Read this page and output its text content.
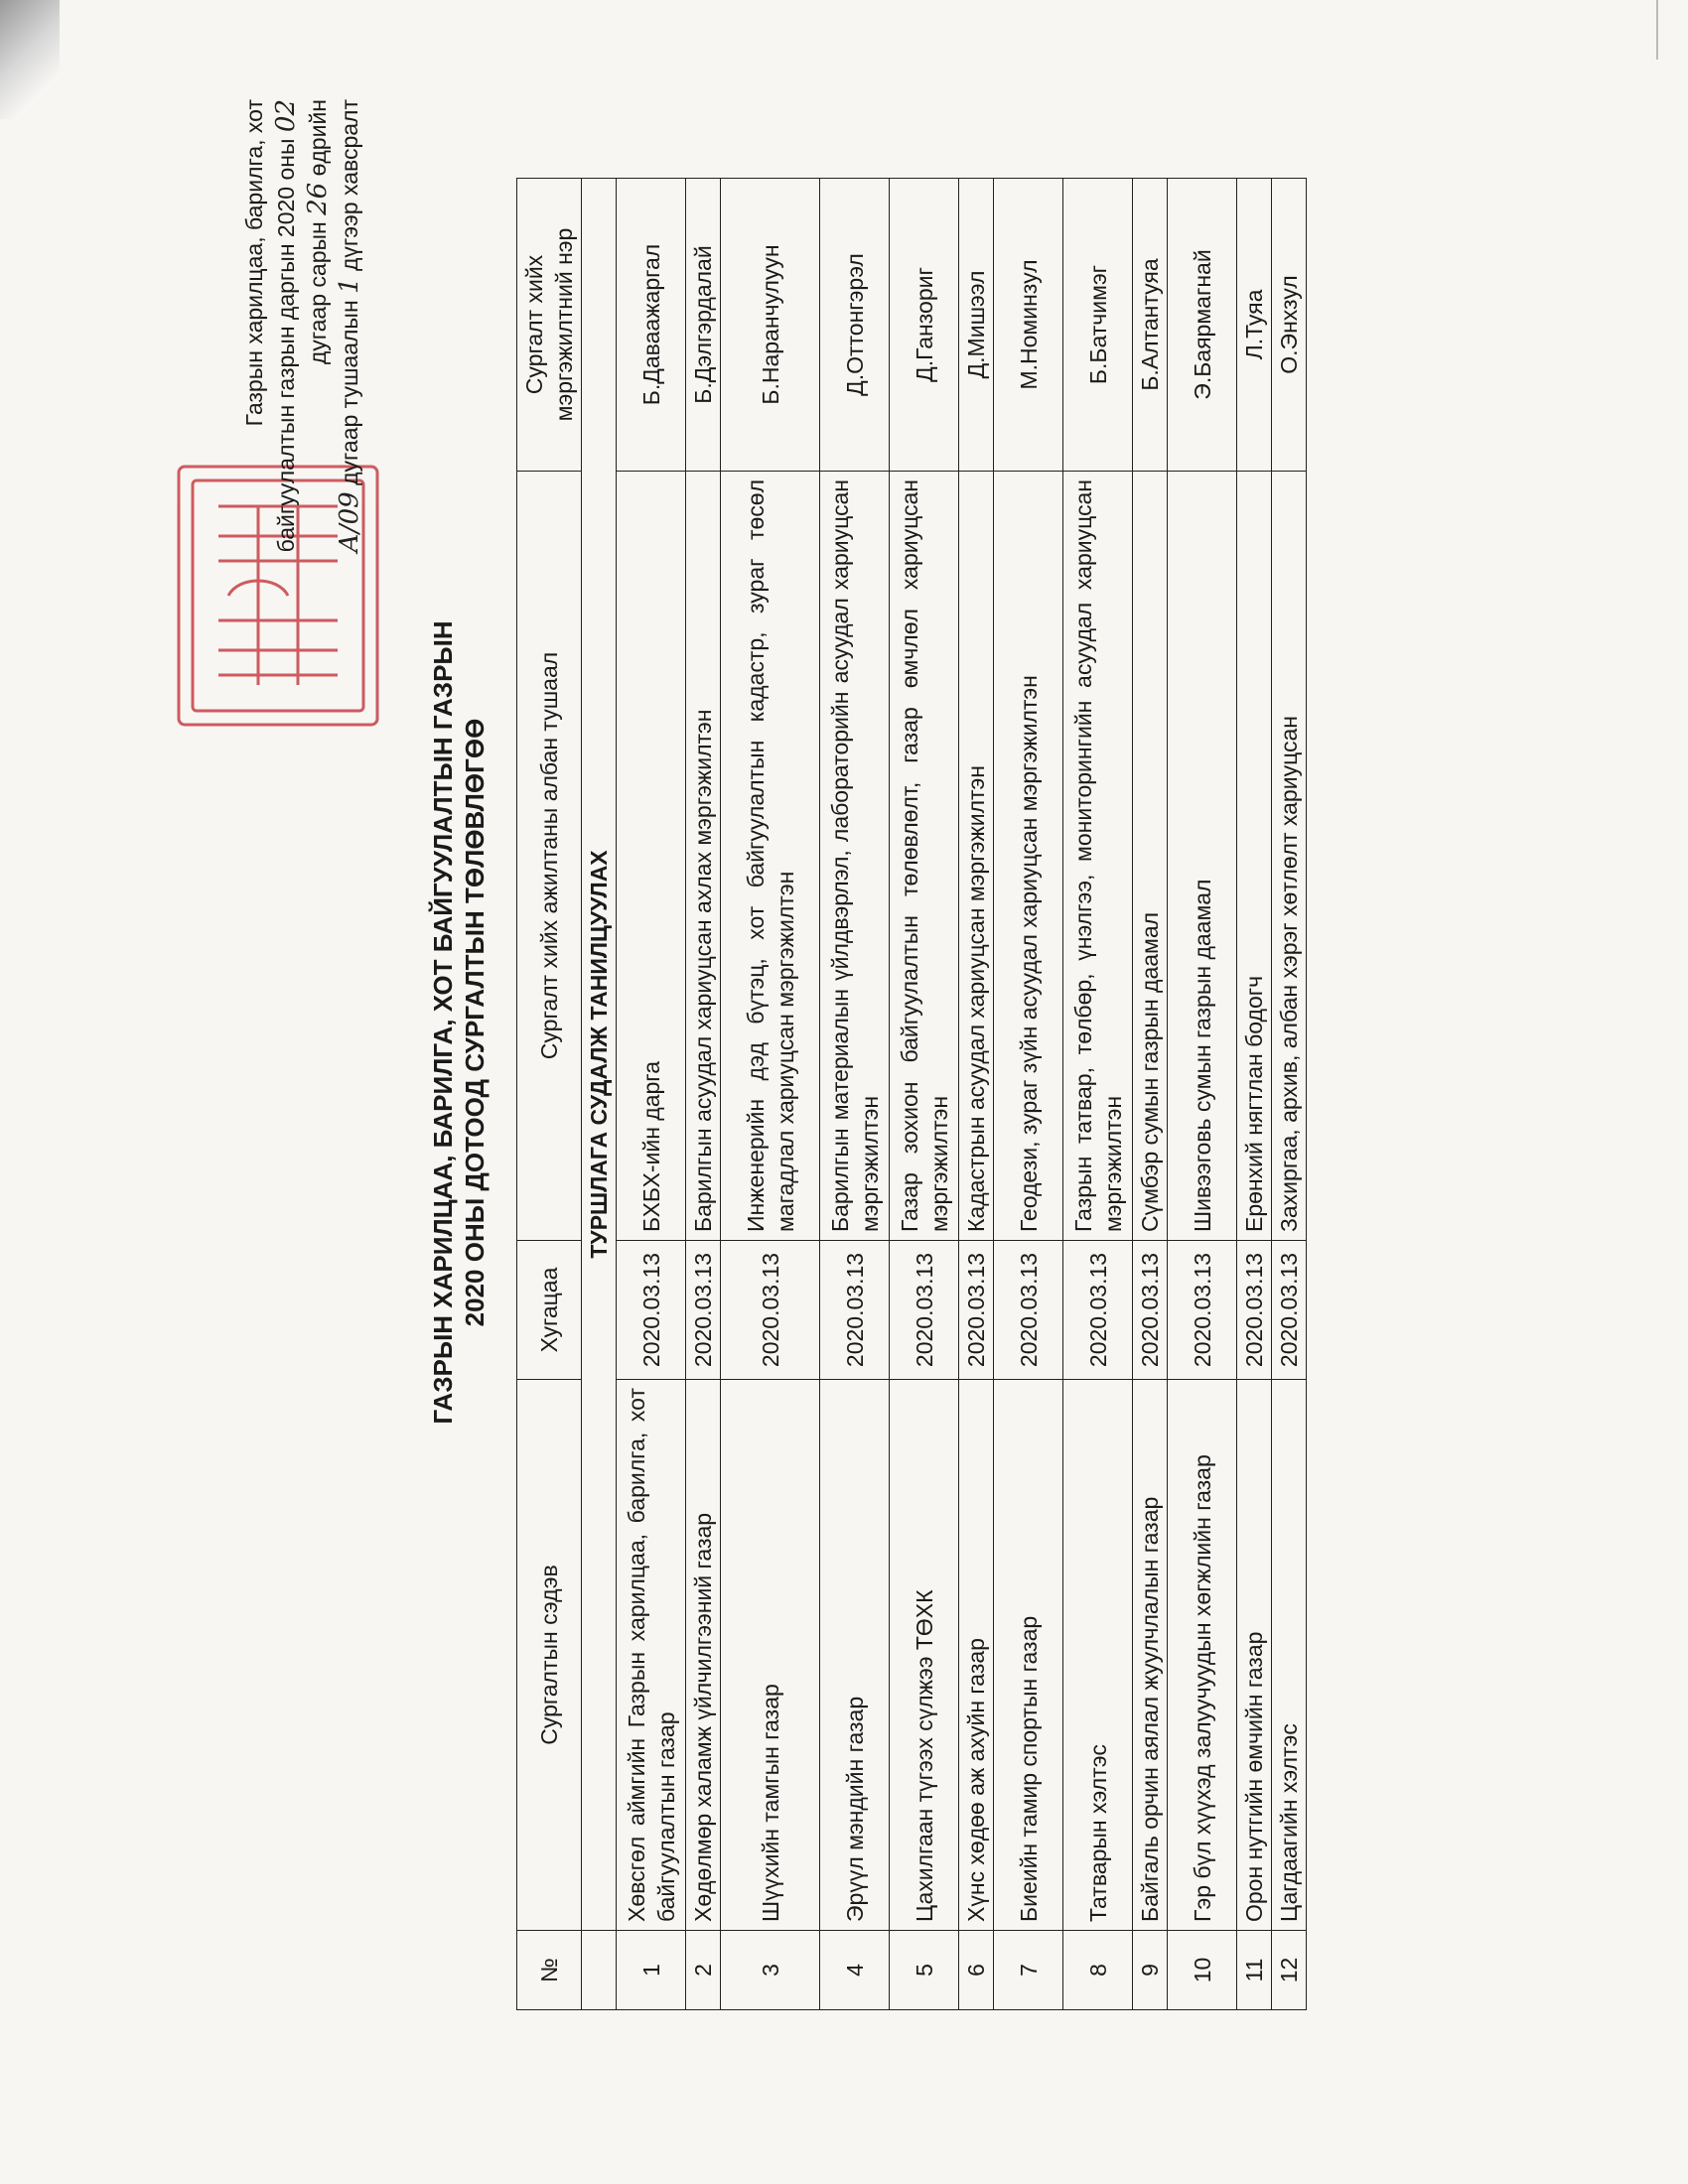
Газрын харилцаа, барилга, хот байгуулалтын газрын даргын 2020 оны 02
дугаар сарын 26 өдрийн
А/09 дугаар тушаалын 1 дүгээр хавсралт
ГАЗРЫН ХАРИЛЦАА, БАРИЛГА, ХОТ БАЙГУУЛАЛТЫН ГАЗРЫН 2020 ОНЫ ДОТООД СУРГАЛТЫН ТӨЛӨВЛӨГӨӨ
№	Сургалтын сэдэв	Хугацаа	Сургалт хийх ажилтаны албан тушаал	Сургалт хийх мэргэжилтний нэр
	ТУРШЛАГА СУДАЛЖ ТАНИЛЦУУЛАХ			
1	Хөвсгөл аймгийн Газрын харилцаа, барилга, хот байгуулалтын газар	2020.03.13	БХБХ-ийн дарга	Б.Даваажаргал
2	Хөдөлмөр халамж үйлчилгээний газар	2020.03.13	Барилгын асуудал хариуцсан ахлах мэргэжилтэн	Б.Дэлгэрдалай
3	Шүүхийн тамгын газар	2020.03.13	Инженерийн дэд бүтэц, хот байгуулалтын кадастр, зураг төсөл магадлал хариуцсан мэргэжилтэн	Б.Наранчулуун
4	Эрүүл мэндийн газар	2020.03.13	Барилгын материалын үйлдвэрлэл, лабораторийн асуудал хариуцсан мэргэжилтэн	Д.Оттонгэрэл
5	Цахилгаан түгээх сүлжээ ТӨХК	2020.03.13	Газар зохион байгуулалтын төлөвлөлт, газар өмчлөл хариуцсан мэргэжилтэн	Д.Ганзориг
6	Хүнс хөдөө аж ахуйн газар	2020.03.13	Кадастрын асуудал хариуцсан мэргэжилтэн	Д.Мишээл
7	Биеийн тамир спортын газар	2020.03.13	Геодези, зураг зүйн асуудал хариуцсан мэргэжилтэн	М.Номинзул
8	Татварын хэлтэс	2020.03.13	Газрын татвар, төлбөр, үнэлгээ, мониторингийн асуудал хариуцсан мэргэжилтэн	Б.Батчимэг
9	Байгаль орчин аялал жуулчлалын газар	2020.03.13	Сүмбэр сумын газрын даамал	Б.Алтантуяа
10	Гэр бүл хүүхэд залуучуудын хөгжлийн газар	2020.03.13	Шивээговь сумын газрын даамал	Э.Баярмагнай
11	Орон нутгийн өмчийн газар	2020.03.13	Ерөнхий нягтлан бодогч	Л.Туяа
12	Цагдаагийн хэлтэс	2020.03.13	Захиргаа, архив, албан хэрэг хөтлөлт хариуцсан	О.Энхзул
